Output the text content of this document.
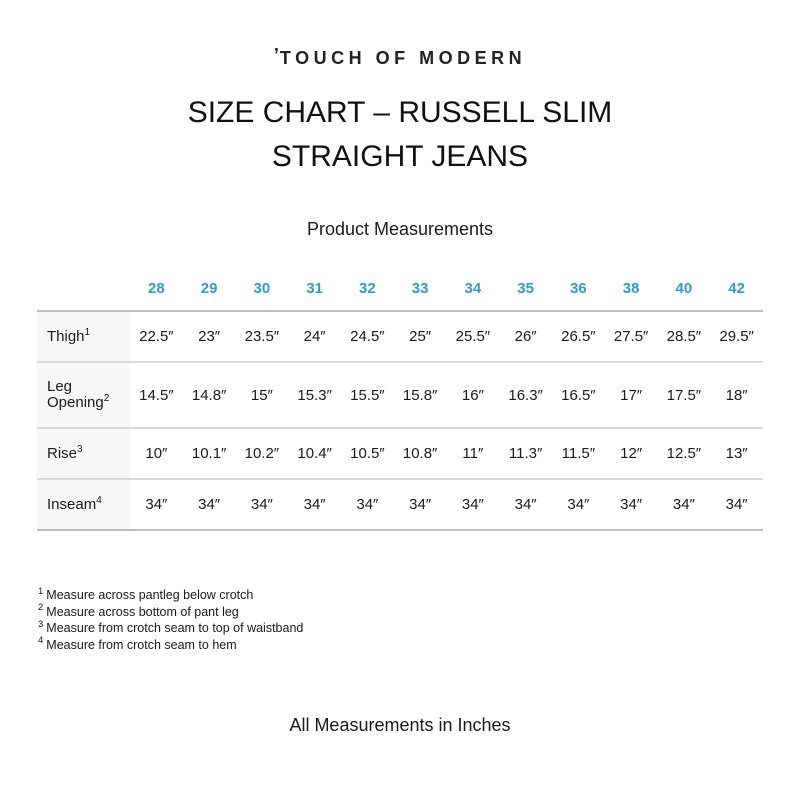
’TOUCH OF MODERN
SIZE CHART – RUSSELL SLIM
STRAIGHT JEANS
Product Measurements
	28	29	30	31	32	33	34	35	36	38	40	42
Thigh$^1$	22.5″	23″	23.5″	24″	24.5″	25″	25.5″	26″	26.5″	27.5″	28.5″	29.5″
Leg Opening$^2$	14.5″	14.8″	15″	15.3″	15.5″	15.8″	16″	16.3″	16.5″	17″	17.5″	18″
Rise$^3$	10″	10.1″	10.2″	10.4″	10.5″	10.8″	11″	11.3″	11.5″	12″	12.5″	13″
Inseam$^4$	34″	34″	34″	34″	34″	34″	34″	34″	34″	34″	34″	34″
$^1$ Measure across pantleg below crotch
$^2$ Measure across bottom of pant leg
$^3$ Measure from crotch seam to top of waistband
$^4$ Measure from crotch seam to hem
All Measurements in Inches
